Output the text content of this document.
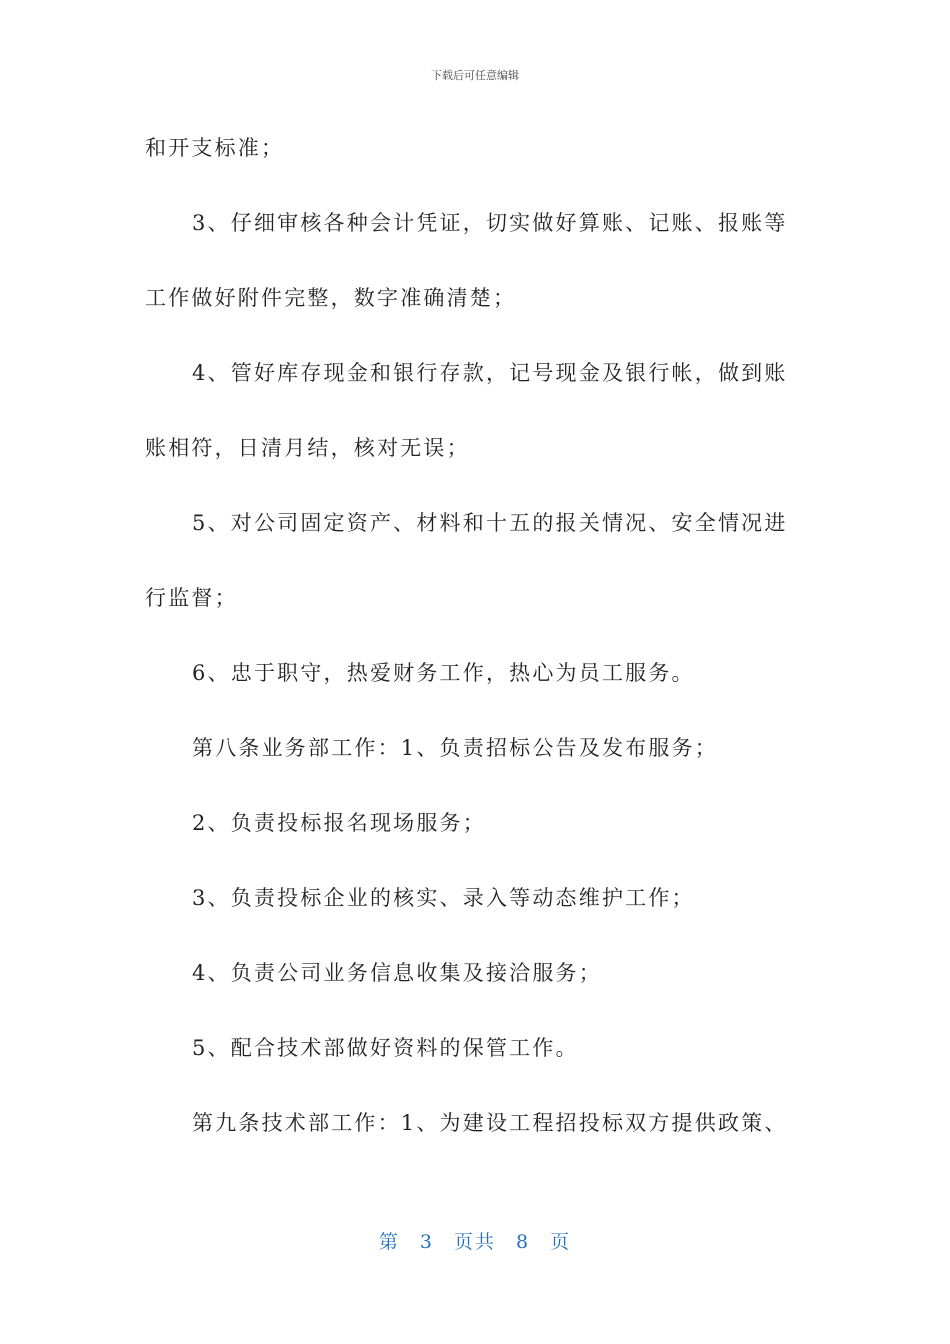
下载后可任意编辑
和开支标准；
3、仔细审核各种会计凭证，切实做好算账、记账、报账等
工作做好附件完整，数字准确清楚；
4、管好库存现金和银行存款，记号现金及银行帐，做到账
账相符，日清月结，核对无误；
5、对公司固定资产、材料和十五的报关情况、安全情况进
行监督；
6、忠于职守，热爱财务工作，热心为员工服务。
第八条业务部工作：1、负责招标公告及发布服务；
2、负责投标报名现场服务；
3、负责投标企业的核实、录入等动态维护工作；
4、负责公司业务信息收集及接洽服务；
5、配合技术部做好资料的保管工作。
第九条技术部工作：1、为建设工程招投标双方提供政策、
第 3 页共 8 页
